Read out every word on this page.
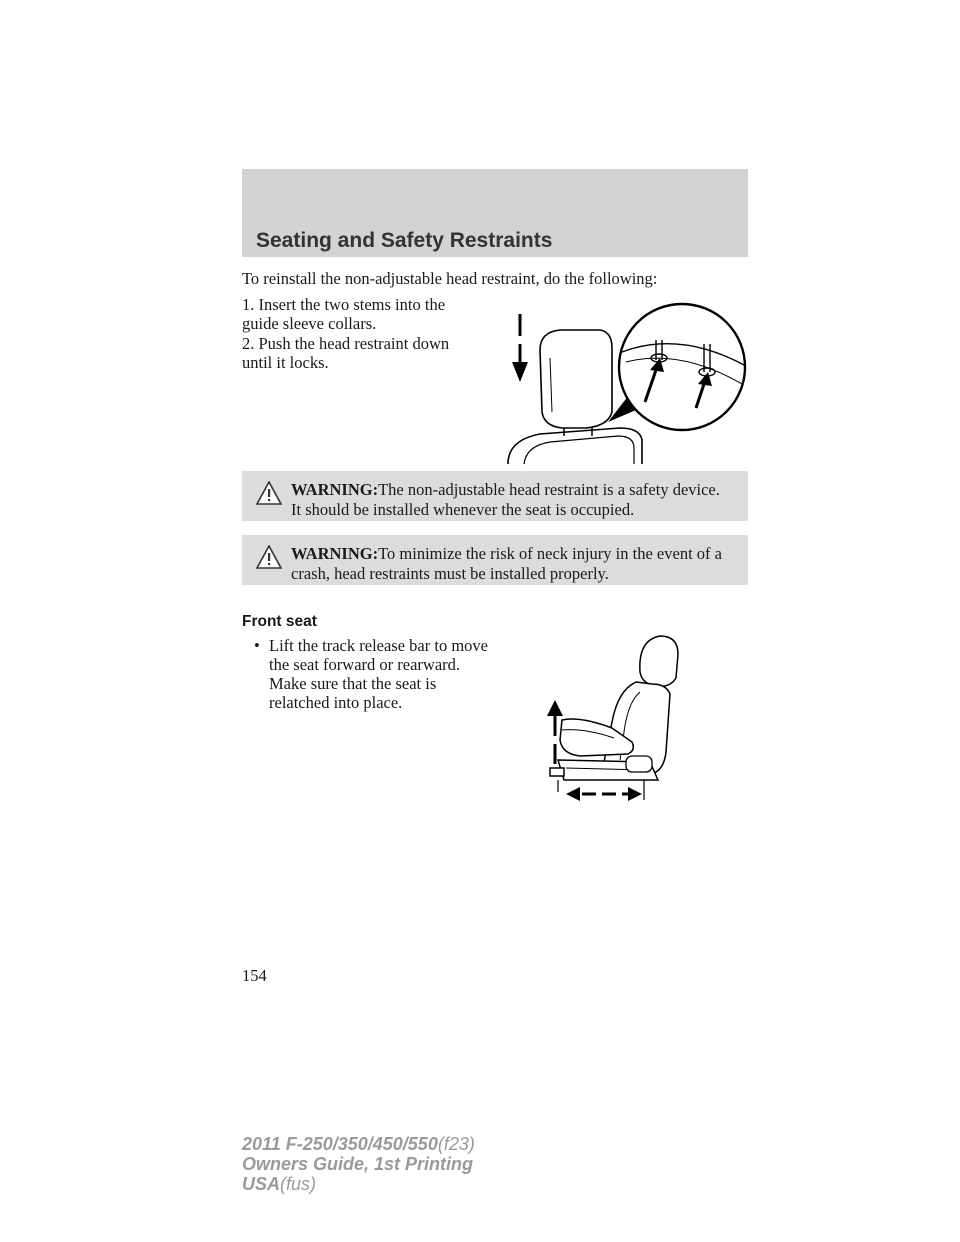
Seating and Safety Restraints
To reinstall the non-adjustable head restraint, do the following:
1. Insert the two stems into the
guide sleeve collars.
2. Push the head restraint down
until it locks.
WARNING:The non-adjustable head restraint is a safety device.
It should be installed whenever the seat is occupied.
WARNING:To minimize the risk of neck injury in the event of a
crash, head restraints must be installed properly.
Front seat
• Lift the track release bar to move
the seat forward or rearward.
Make sure that the seat is
relatched into place.
154
2011 F-250/350/450/550(f23)
Owners Guide, 1st Printing
USA(fus)
